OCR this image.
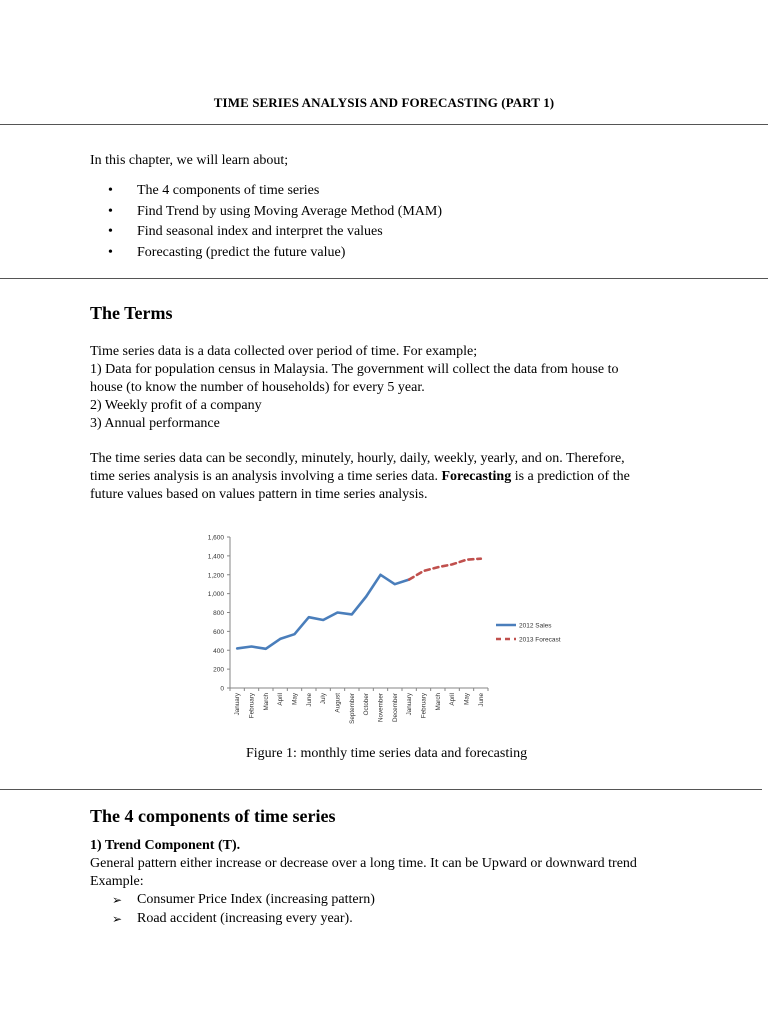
TIME SERIES ANALYSIS AND FORECASTING (PART 1)
In this chapter, we will learn about;
• The 4 components of time series
• Find Trend by using Moving Average Method (MAM)
• Find seasonal index and interpret the values
• Forecasting (predict the future value)
The Terms
Time series data is a data collected over period of time. For example;
1) Data for population census in Malaysia. The government will collect the data from house to
house (to know the number of households) for every 5 year.
2) Weekly profit of a company
3) Annual performance
The time series data can be secondly, minutely, hourly, daily, weekly, yearly, and on. Therefore,
time series analysis is an analysis involving a time series data. Forecasting is a prediction of the
future values based on values pattern in time series analysis.
0
200
400
600
800
1,000
1,200
1,400
1,600
January February March April May June July August September October November December January February March April May June
2012 Sales
2013 Forecast
Figure 1: monthly time series data and forecasting
The 4 components of time series
1) Trend Component (T).
General pattern either increase or decrease over a long time. It can be Upward or downward trend
Example:
➢ Consumer Price Index (increasing pattern)
➢ Road accident (increasing every year).
